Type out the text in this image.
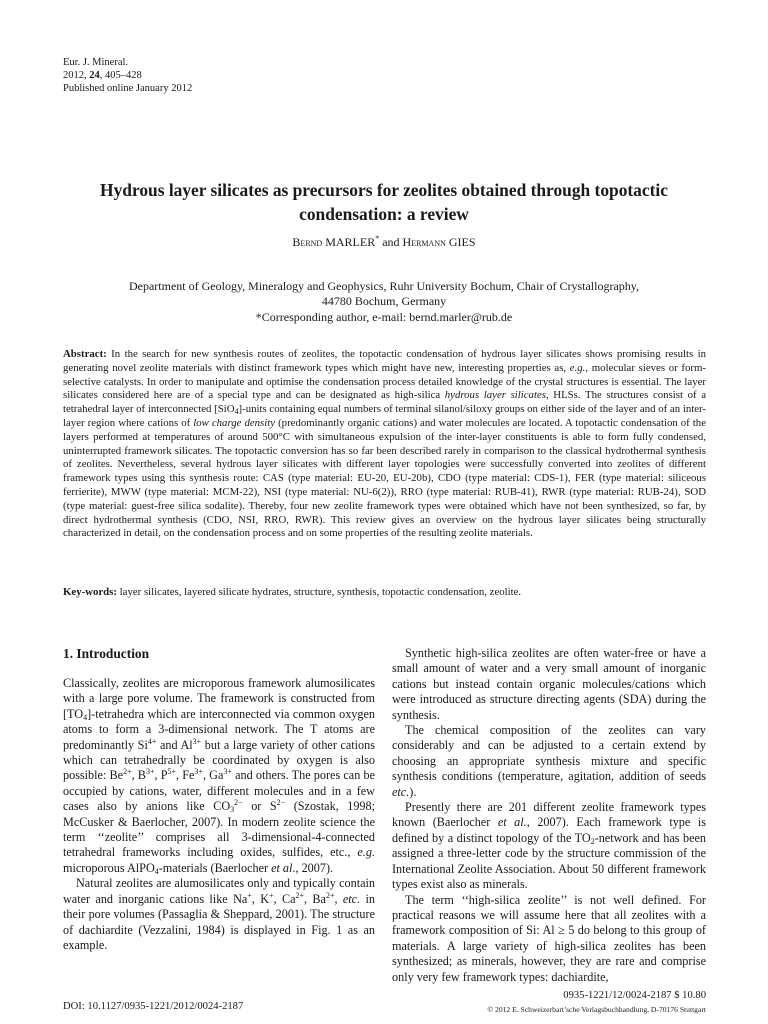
Eur. J. Mineral.
2012, 24, 405–428
Published online January 2012
Hydrous layer silicates as precursors for zeolites obtained through topotactic condensation: a review
Bernd MARLER* and Hermann GIES
Department of Geology, Mineralogy and Geophysics, Ruhr University Bochum, Chair of Crystallography,
44780 Bochum, Germany
*Corresponding author, e-mail: bernd.marler@rub.de
Abstract: In the search for new synthesis routes of zeolites, the topotactic condensation of hydrous layer silicates shows promising results in generating novel zeolite materials with distinct framework types which might have new, interesting properties as, e.g., molecular sieves or form-selective catalysts. In order to manipulate and optimise the condensation process detailed knowledge of the crystal structures is essential. The layer silicates considered here are of a special type and can be designated as high-silica hydrous layer silicates, HLSs. The structures consist of a tetrahedral layer of interconnected [SiO$_4$]-units containing equal numbers of terminal silanol/siloxy groups on either side of the layer and of an inter-layer region where cations of low charge density (predominantly organic cations) and water molecules are located. A topotactic condensation of the layers performed at temperatures of around 500°C with simultaneous expulsion of the inter-layer constituents is able to form fully condensed, uninterrupted framework silicates. The topotactic conversion has so far been described rarely in comparison to the classical hydrothermal synthesis of zeolites. Nevertheless, several hydrous layer silicates with different layer topologies were successfully converted into zeolites of different framework types using this synthesis route: CAS (type material: EU-20, EU-20b), CDO (type material: CDS-1), FER (type material: siliceous ferrierite), MWW (type material: MCM-22), NSI (type material: NU-6(2)), RRO (type material: RUB-41), RWR (type material: RUB-24), SOD (type material: guest-free silica sodalite). Thereby, four new zeolite framework types were obtained which have not been synthesized, so far, by direct hydrothermal synthesis (CDO, NSI, RRO, RWR). This review gives an overview on the hydrous layer silicates being structurally characterized in detail, on the condensation process and on some properties of the resulting zeolite materials.
Key-words: layer silicates, layered silicate hydrates, structure, synthesis, topotactic condensation, zeolite.
1. Introduction

Classically, zeolites are microporous framework alumosilicates with a large pore volume. The framework is constructed from $[TO_4]$-tetrahedra which are interconnected via common oxygen atoms to form a 3-dimensional network. The T atoms are predominantly $Si^{4+}$ and $Al^{3+}$ but a large variety of other cations which can tetrahedrally be coordinated by oxygen is also possible: $Be^{2+}$, $B^{3+}$, $P^{5+}$, $Fe^{3+}$, $Ga^{3+}$ and others. The pores can be occupied by cations, water, different molecules and in a few cases also by anions like $CO_3^{2-}$ or $S^{2-}$ (Szostak, 1998; McCusker & Baerlocher, 2007). In modern zeolite science the term ‘‘zeolite’’ comprises all 3-dimensional-4-connected tetrahedral frameworks including oxides, sulfides, etc., e.g. microporous AlPO$_4$-materials (Baerlocher et al., 2007).

Natural zeolites are alumosilicates only and typically contain water and inorganic cations like Na+, K+, $Ca^{2+}$, $Ba^{2+}$, etc. in their pore volumes (Passaglia & Sheppard, 2001). The structure of dachiardite (Vezzalini, 1984) is displayed in Fig. 1 as an example.

Synthetic high-silica zeolites are often water-free or have a small amount of water and a very small amount of inorganic cations but instead contain organic molecules/cations which were introduced as structure directing agents (SDA) during the synthesis.

The chemical composition of the zeolites can vary considerably and can be adjusted to a certain extend by choosing an appropriate synthesis mixture and specific synthesis conditions (temperature, agitation, addition of seeds etc.).

Presently there are 201 different zeolite framework types known (Baerlocher et al., 2007). Each framework type is defined by a distinct topology of the $TO_2$-network and has been assigned a three-letter code by the structure commission of the International Zeolite Association. About 50 different framework types exist also as minerals.

The term ‘‘high-silica zeolite’’ is not well defined. For practical reasons we will assume here that all zeolites with a framework composition of Si: Al ≥ 5 do belong to this group of materials. A large variety of high-silica zeolites has been synthesized; as minerals, however, they are rare and comprise only very few framework types: dachiardite,

DOI: 10.1127/0935-1221/2012/0024-2187
0935-1221/12/0024-2187 $ 10.80
© 2012 E. Schweizerbart’sche Verlagsbuchhandlung, D-70176 Stuttgart
